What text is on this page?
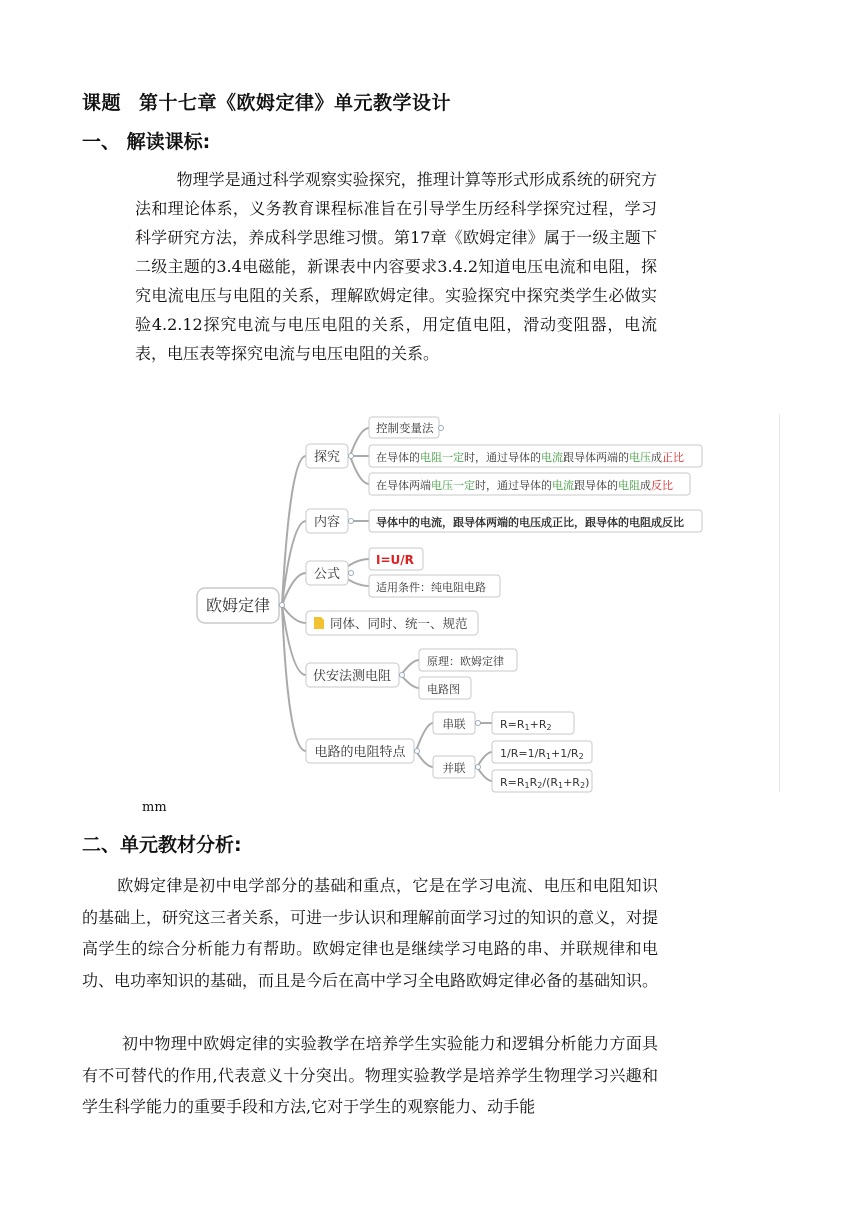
课题 第十七章《欧姆定律》单元教学设计
一、 解读课标:

物理学是通过科学观察实验探究，推理计算等形式形成系统的研究方法和理论体系，义务教育课程标准旨在引导学生历经科学探究过程，学习科学研究方法，养成科学思维习惯。第17章《欧姆定律》属于一级主题下二级主题的3.4电磁能，新课表中内容要求3.4.2知道电压电流和电阻，探究电流电压与电阻的关系，理解欧姆定律。实验探究中探究类学生必做实验4.2.12探究电流与电压电阻的关系，用定值电阻，滑动变阻器，电流表，电压表等探究电流与电压电阻的关系。

欧姆定律
探究
控制变量法
在导体的电阻一定时，通过导体的电流跟导体两端的电压成正比
在导体两端电压一定时，通过导体的电流跟导体的电阻成反比
内容	导体中的电流，跟导体两端的电压成正比，跟导体的电阻成反比
公式
I=U/R
适用条件：纯电阻电路
同体、同时、统一、规范
伏安法测电阻
原理：欧姆定律
电路图
电路的电阻特点
串联	R=R1+R2
并联
1/R=1/R1+1/R2
R=R1R2/(R1+R2)
mm
二、单元教材分析:

欧姆定律是初中电学部分的基础和重点，它是在学习电流、电压和电阻知识的基础上，研究这三者关系，可进一步认识和理解前面学习过的知识的意义，对提高学生的综合分析能力有帮助。欧姆定律也是继续学习电路的串、并联规律和电功、电功率知识的基础，而且是今后在高中学习全电路欧姆定律必备的基础知识。

初中物理中欧姆定律的实验教学在培养学生实验能力和逻辑分析能力方面具有不可替代的作用,代表意义十分突出。物理实验教学是培养学生物理学习兴趣和学生科学能力的重要手段和方法,它对于学生的观察能力、动手能
